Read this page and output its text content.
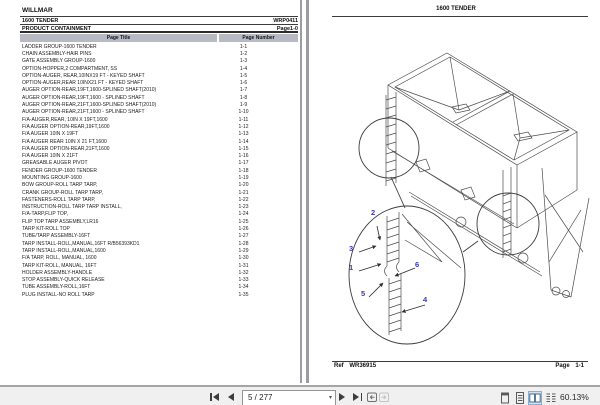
WILLMAR
1600 TENDER	WRP0411
PRODUCT CONTAINMENT	Page1-0
Page Title	Page Number
LADDER GROUP-1600 TENDER	1-1
CHAIN ASSEMBLY-HAIR PINS	1-2
GATE ASSEMBLY GROUP-1600	1-3
OPTION-HOPPER,2 COMPARTMENT, SS	1-4
OPTION-AUGER, REAR,10INX19 FT - KEYED SHAFT	1-5
OPTION-AUGER,REAR 10INX21 FT - KEYED SHAFT	1-6
AUGER OPTION-REAR,19FT,1600-SPLINED SHAFT(2010)	1-7
AUGER OPTION-REAR,19FT,1600 - SPLINED SHAFT	1-8
AUGER OPTION-REAR,21FT,1600-SPLINED SHAFT(2010)	1-9
AUGER OPTION-REAR,21FT,1600 - SPLINED SHAFT	1-10
F/A-AUGER,REAR, 10IN X 19FT,1600	1-11
F/A AUGER OPTION-REAR,19FT,1600	1-12
F/A AUGER 10IN X 19FT	1-13
F/A AUGER REAR 10IN X 21 FT,1600	1-14
F/A AUGER OPTION-REAR,21FT,1600	1-15
F/A AUGER 10IN X 21FT	1-16
GREASABLE AUGER PIVOT	1-17
FENDER GROUP-1600 TENDER	1-18
MOUNTING GROUP-1600	1-19
BOW GROUP-ROLL TARP TARP,	1-20
CRANK GROUP-ROLL TARP TARP,	1-21
FASTENERS-ROLL TARP TARP,	1-22
INSTRUCTION-ROLL TARP TARP INSTALL,	1-23
F/A-TARP,FLIP TOP,	1-24
FLIP TOP TARP ASSEMBLY,LR16	1-25
TARP KIT-ROLL TOP	1-26
TUBE/TARP ASSEMBLY-16FT	1-27
TARP INSTALL-ROLL,MANUAL,16FT R/B56393KD1	1-28
TARP INSTALL-ROLL,MANUAL,1600	1-29
F/A TARP, ROLL, MANUAL, 1600	1-30
TARP KIT-ROLL, MANUAL, 16FT	1-31
HOLDER ASSEMBLY-HANDLE	1-32
STOP ASSEMBLY-QUICK RELEASE	1-33
TUBE ASSEMBLY-ROLL,16FT	1-34
PLUG INSTALL-NO ROLL TARP	1-35
1600 TENDER
2
3
1	6
5
4
Ref WR36915	Page 1-1
5 / 277
▾	60.13%
